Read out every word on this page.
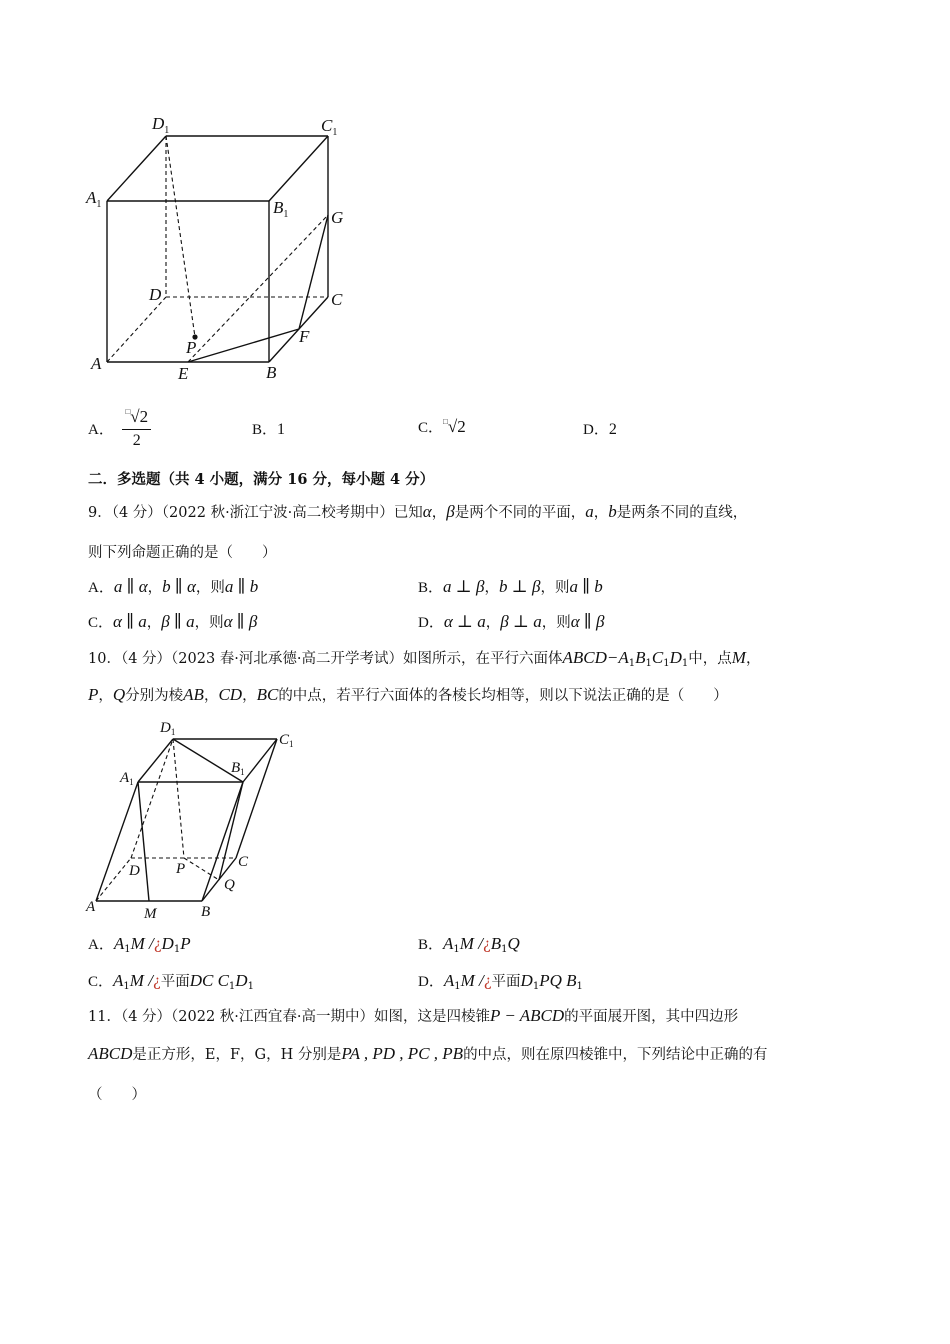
$D_1$	$C_1$
$A_1$	$B_1$	G
D	C
F
P
A
E	B
A． $\frac{^□√2}{2}$	B．1	C．□√2	D．2
二．多选题（共 4 小题，满分 16 分，每小题 4 分）
9．（4 分）（2022 秋·浙江宁波·高二校考期中）已知α，β是两个不同的平面，a，b是两条不同的直线，
则下列命题正确的是（　　）
A．a ∥ α，b ∥ α，则a ∥ b	B．a ⊥ β，b ⊥ β，则a ∥ b
C．α ∥ a，β ∥ a，则α ∥ β	D．α ⊥ a，β ⊥ a，则α ∥ β
10．（4 分）（2023 春·河北承德·高二开学考试）如图所示，在平行六面体$ABCD-A_1B_1C_1D_1$中，点M，
P，Q分别为棱AB，CD，BC的中点，若平行六面体的各棱长均相等，则以下说法正确的是（　　）
$D_1$	$C_1$
$A_1$
$B_1$
D P	C
Q
A	M	B
A．$A_1M$ $/¿D_1P$	B．$A_1M$ $/¿B_1Q$
C．$A_1M$ /¿平面DC $C_1D_1$	D．$A_1M$ /¿平面$D_1PQ$ $B_1$
11．（4 分）（2022 秋·江西宜春·高一期中）如图，这是四棱锥P − ABCD的平面展开图，其中四边形
ABCD是正方形，E，F，G，H 分别是PA , PD , PC , PB的中点，则在原四棱锥中，下列结论中正确的有
（　　）
